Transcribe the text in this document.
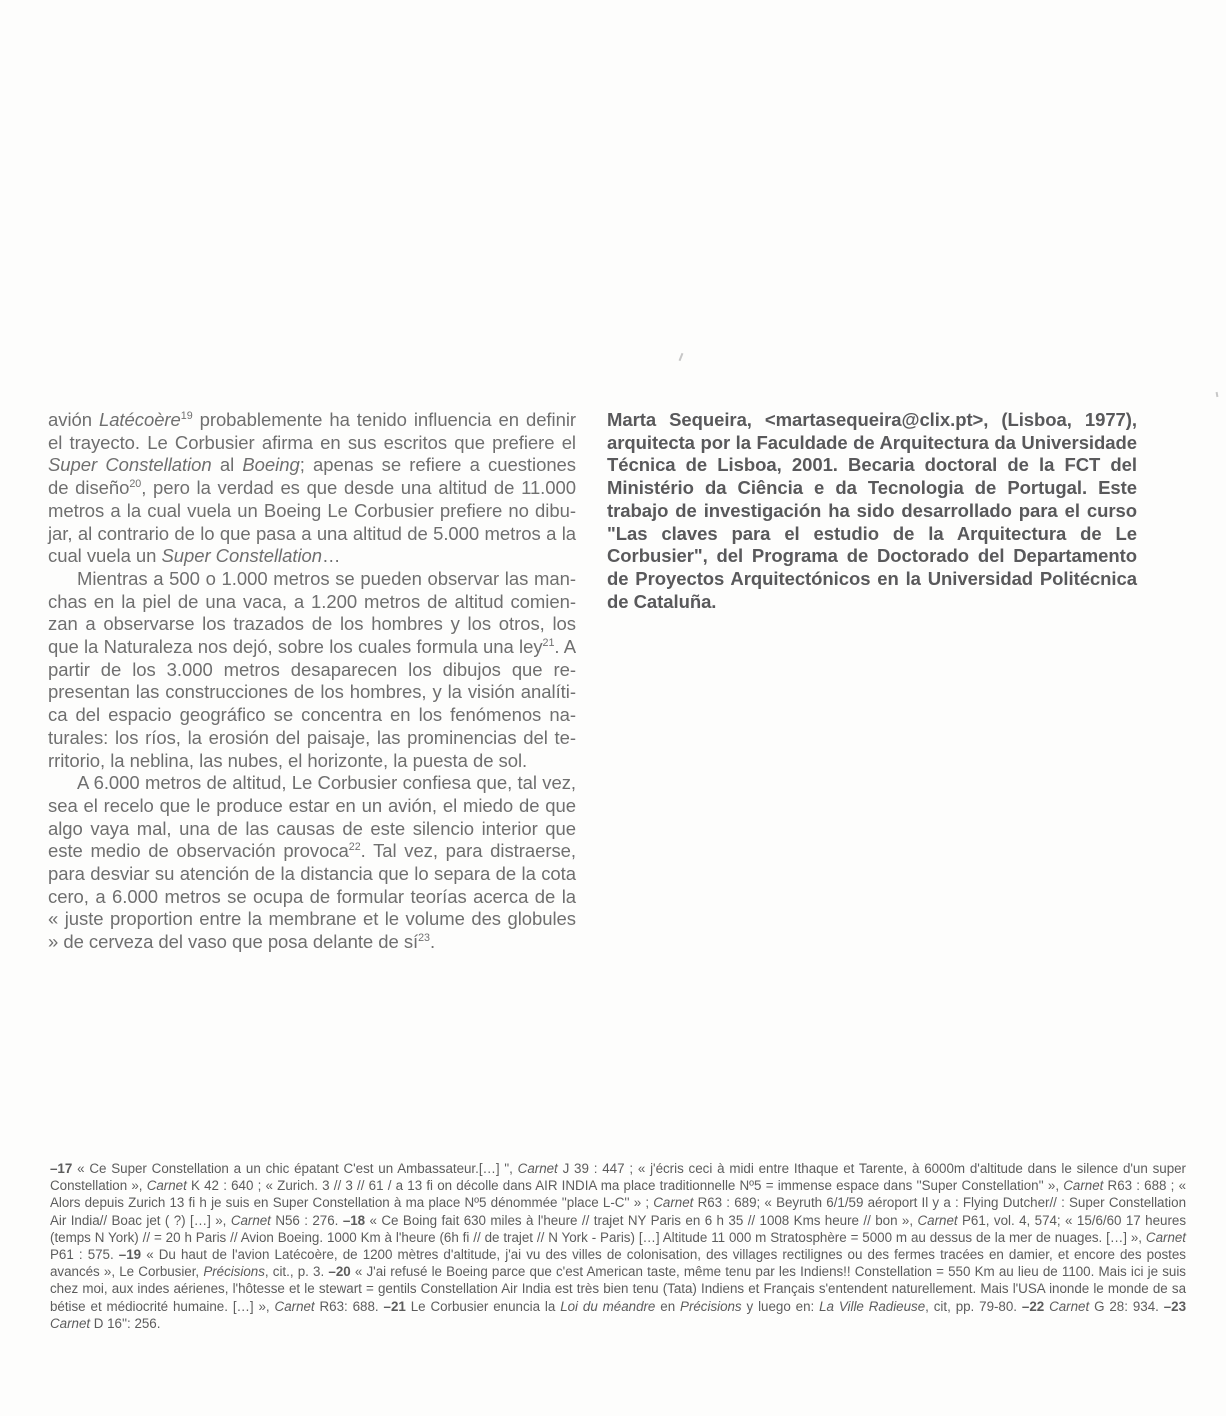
avión Latécoère$^{19}$ probablemente ha tenido influencia en definir el trayecto. Le Corbusier afirma en sus escritos que prefiere el Super Constellation al Boeing; apenas se refiere a cuestiones de diseño$^{20}$, pero la verdad es que desde una altitud de 11.000 metros a la cual vuela un Boeing Le Corbusier prefiere no dibujar, al contrario de lo que pasa a una altitud de 5.000 metros a la cual vuela un Super Constellation…

Mientras a 500 o 1.000 metros se pueden observar las manchas en la piel de una vaca, a 1.200 metros de altitud comienzan a observarse los trazados de los hombres y los otros, los que la Naturaleza nos dejó, sobre los cuales formula una ley$^{21}$. A partir de los 3.000 metros desaparecen los dibujos que representan las construcciones de los hombres, y la visión analítica del espacio geográfico se concentra en los fenómenos naturales: los ríos, la erosión del paisaje, las prominencias del territorio, la neblina, las nubes, el horizonte, la puesta de sol.

A 6.000 metros de altitud, Le Corbusier confiesa que, tal vez, sea el recelo que le produce estar en un avión, el miedo de que algo vaya mal, una de las causas de este silencio interior que este medio de observación provoca$^{22}$. Tal vez, para distraerse, para desviar su atención de la distancia que lo separa de la cota cero, a 6.000 metros se ocupa de formular teorías acerca de la « juste proportion entre la membrane et le volume des globules » de cerveza del vaso que posa delante de $sí^{23}$.

Marta Sequeira, <martasequeira@clix.pt>, (Lisboa, 1977), arquitecta por la Faculdade de Arquitectura da Universidade Técnica de Lisboa, 2001. Becaria doctoral de la FCT del Ministério da Ciência e da Tecnologia de Portugal. Este trabajo de investigación ha sido desarrollado para el curso "Las claves para el estudio de la Arquitectura de Le Corbusier", del Programa de Doctorado del Departamento de Proyectos Arquitectónicos en la Universidad Politécnica de Cataluña.

–17 « Ce Super Constellation a un chic épatant C'est un Ambassateur.[…] ", Carnet J 39 : 447 ; « j'écris ceci à midi entre Ithaque et Tarente, à 6000m d'altitude dans le silence d'un super Constellation », Carnet K 42 : 640 ; « Zurich. 3 // 3 // 61 / a 13 fi on décolle dans AIR INDIA ma place traditionnelle Nº5 = immense espace dans ''Super Constellation'' », Carnet R63 : 688 ; « Alors depuis Zurich 13 fi h je suis en Super Constellation à ma place Nº5 dénommée ''place L-C'' » ; Carnet R63 : 689; « Beyruth 6/1/59 aéroport Il y a : Flying Dutcher// : Super Constellation Air India// Boac jet ( ?) […] », Carnet N56 : 276. –18 « Ce Boing fait 630 miles à l'heure // trajet NY Paris en 6 h 35 // 1008 Kms heure // bon », Carnet P61, vol. 4, 574; « 15/6/60 17 heures (temps N York) // = 20 h Paris // Avion Boeing. 1000 Km à l'heure (6h fi // de trajet // N York - Paris) […] Altitude 11 000 m Stratosphère = 5000 m au dessus de la mer de nuages. […] », Carnet P61 : 575. –19 « Du haut de l'avion Latécoère, de 1200 mètres d'altitude, j'ai vu des villes de colonisation, des villages rectilignes ou des fermes tracées en damier, et encore des postes avancés », Le Corbusier, Précisions, cit., p. 3. –20 « J'ai refusé le Boeing parce que c'est American taste, même tenu par les Indiens!! Constellation = 550 Km au lieu de 1100. Mais ici je suis chez moi, aux indes aérienes, l'hôtesse et le stewart = gentils Constellation Air India est très bien tenu (Tata) Indiens et Français s'entendent naturellement. Mais l'USA inonde le monde de sa bétise et médiocrité humaine. […] », Carnet R63: 688. –21 Le Corbusier enuncia la Loi du méandre en Précisions y luego en: La Ville Radieuse, cit, pp. 79-80. –22 Carnet G 28: 934. –23 Carnet D 16'': 256.
